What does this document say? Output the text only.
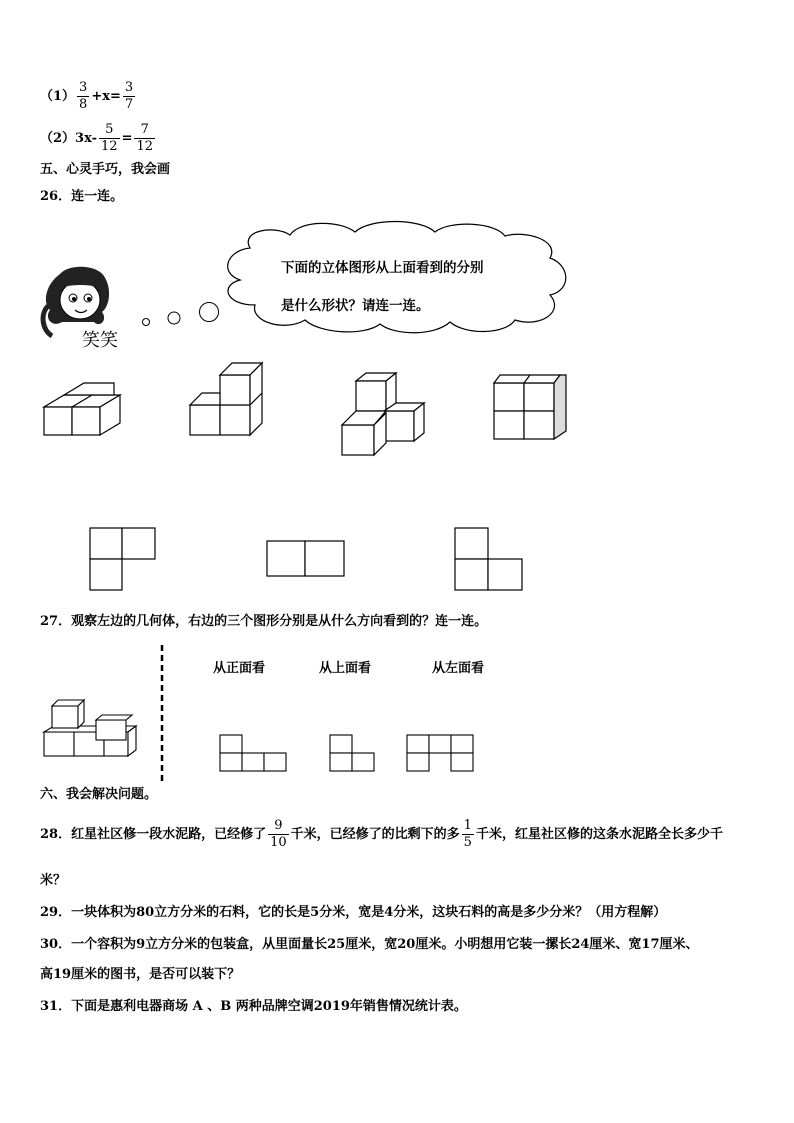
$(1) \frac{3}{8} +x= \frac{3}{7}$
$(2)3x- \frac{5}{12} = \frac{7}{12}$
五、心灵手巧，我会画
26．连一连。
下面的立体图形从上面看到的分别
是什么形状？请连一连。
笑笑
27．观察左边的几何体，右边的三个图形分别是从什么方向看到的？连一连。
从正面看	从上面看	从左面看
六、我会解决问题。
28．红星社区修一段水泥路，已经修了 $\frac{9}{10}$ 千米，已经修了的比剩下的多 $\frac{1}{5}$ 千米，红星社区修的这条水泥路全长多少千
米？
29．一块体积为80立方分米的石料，它的长是5分米，宽是4分米，这块石料的高是多少分米？（用方程解）
30．一个容积为9立方分米的包装盒，从里面量长25厘米，宽20厘米。小明想用它装一摞长24厘米、宽17厘米、
高19厘米的图书，是否可以装下？
31．下面是惠利电器商场 A 、B 两种品牌空调2019年销售情况统计表。
